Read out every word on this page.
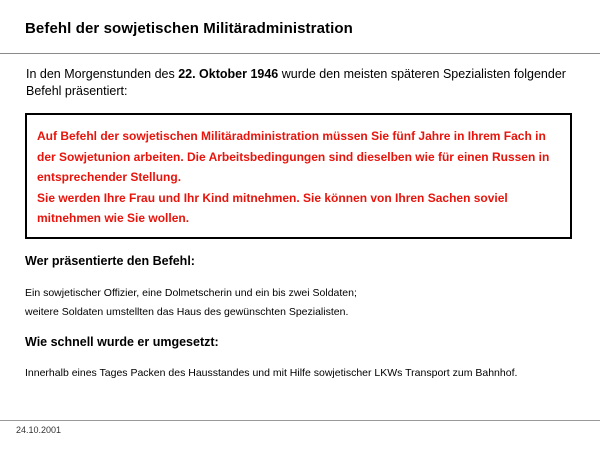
Befehl der sowjetischen Militäradministration
In den Morgenstunden des 22. Oktober 1946 wurde den meisten späteren Spezialisten folgender Befehl präsentiert:

Auf Befehl der sowjetischen Militäradministration müssen Sie fünf Jahre in Ihrem Fach in der Sowjetunion arbeiten. Die Arbeitsbedingungen sind dieselben wie für einen Russen in entsprechender Stellung.

Sie werden Ihre Frau und Ihr Kind mitnehmen. Sie können von Ihren Sachen soviel mitnehmen wie Sie wollen.

Wer präsentierte den Befehl:
Ein sowjetischer Offizier, eine Dolmetscherin und ein bis zwei Soldaten;
weitere Soldaten umstellten das Haus des gewünschten Spezialisten.
Wie schnell wurde er umgesetzt:
Innerhalb eines Tages Packen des Hausstandes und mit Hilfe sowjetischer LKWs Transport zum Bahnhof.
24.10.2001
